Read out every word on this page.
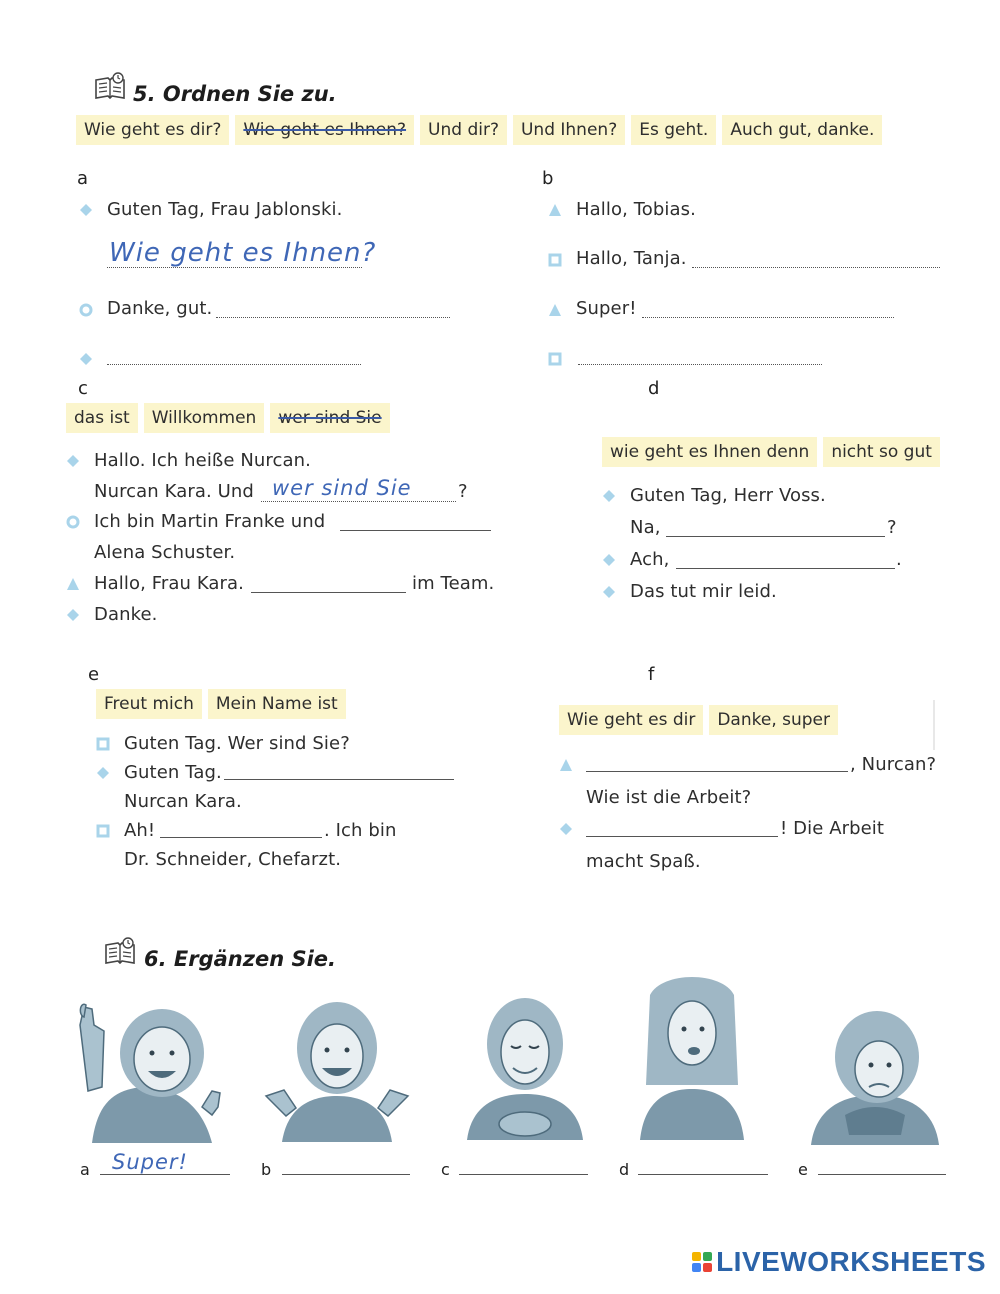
5. Ordnen Sie zu.
Wie geht es dir?	Wie geht es Ihnen?	Und dir?	Und Ihnen?	Es geht.	Auch gut, danke.
a
Guten Tag, Frau Jablonski.
Wie geht es Ihnen?
Danke, gut.
b
Hallo, Tobias.
Hallo, Tanja.
Super!
c
das ist	Willkommen	wer sind Sie
Hallo. Ich heiße Nurcan.
Nurcan Kara. Und wer sind Sie	?
Ich bin Martin Franke und
Alena Schuster.
Hallo, Frau Kara.	im Team.
Danke.
d
wie geht es Ihnen denn	nicht so gut
Guten Tag, Herr Voss.
Na,	?
Ach,	.
Das tut mir leid.
e
Freut mich	Mein Name ist
Guten Tag. Wer sind Sie?
Guten Tag.
Nurcan Kara.
Ah!	. Ich bin
Dr. Schneider, Chefarzt.
f
Wie geht es dir	Danke, super
, Nurcan?
Wie ist die Arbeit?
! Die Arbeit
macht Spaß.
6. Ergänzen Sie.
a Super!	b	c	d	e
LIVEWORKSHEETS
